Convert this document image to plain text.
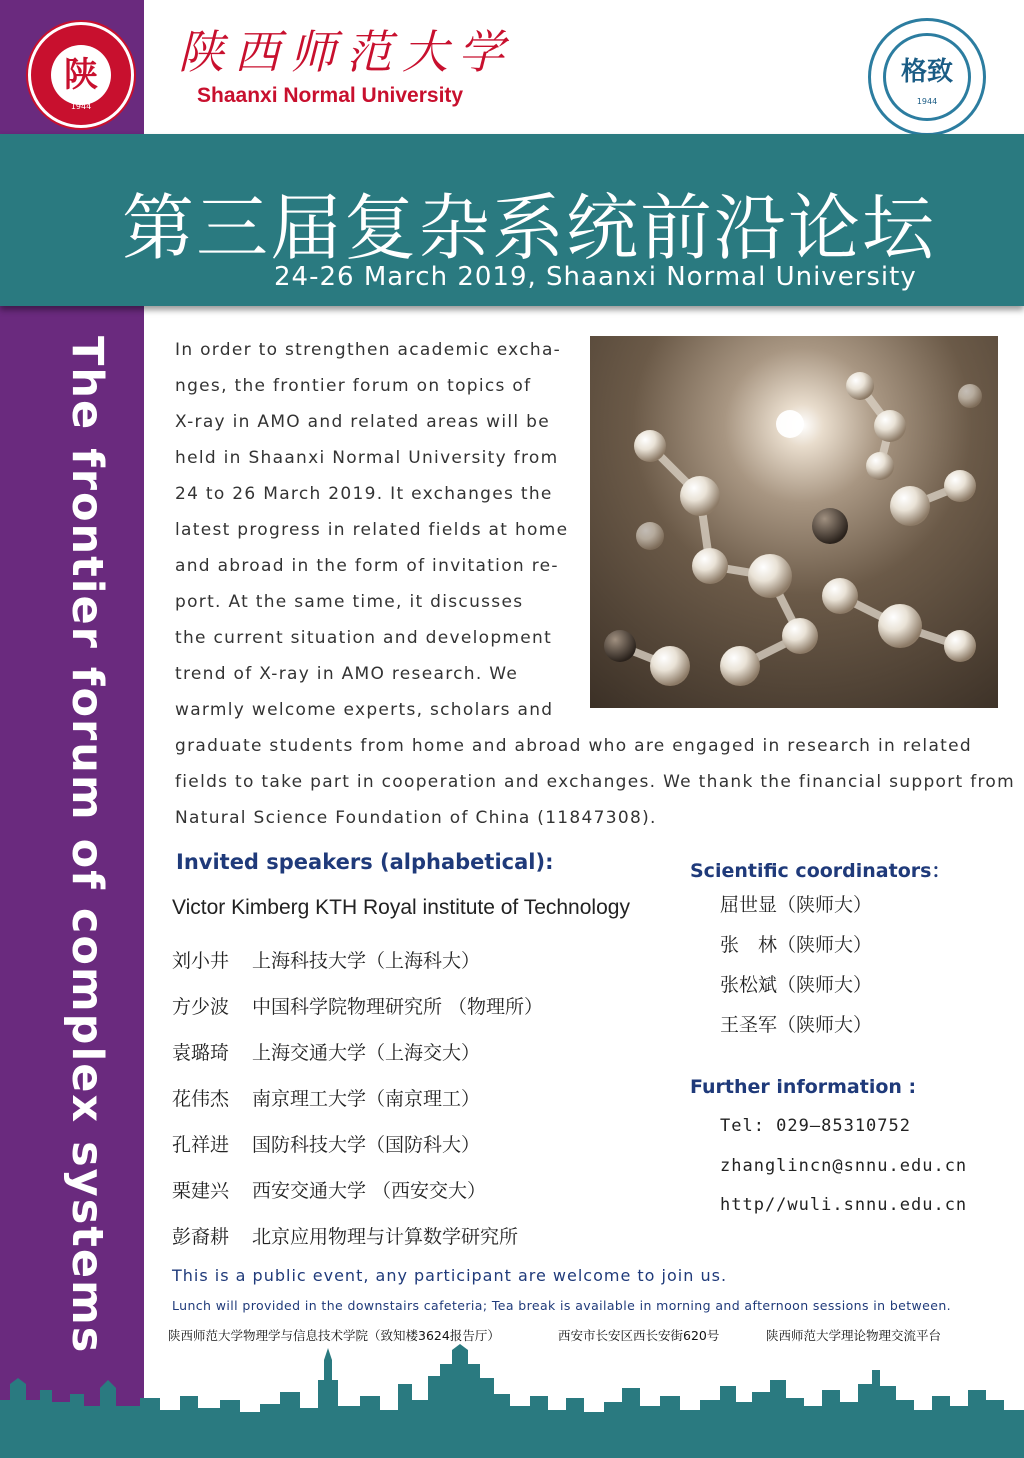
The frontier forum of complex systems
陕
1944
陕西师范大学
Shaanxi Normal University
格致
1944
第三届复杂系统前沿论坛
24-26 March 2019, Shaanxi Normal University
In order to strengthen academic excha-
nges, the frontier forum on topics of
X-ray in AMO and related areas will be
held in Shaanxi Normal University from
24 to 26 March 2019. It exchanges the
latest progress in related fields at home
and abroad in the form of invitation re-
port. At the same time, it discusses
the current situation and development
trend of X-ray in AMO research. We
warmly welcome experts, scholars and
graduate students from home and abroad who are engaged in research in related
fields to take part in cooperation and exchanges. We thank the financial support from
Natural Science Foundation of China (11847308).
Invited speakers (alphabetical):
Victor Kimberg KTH Royal institute of Technology
刘小井 上海科技大学（上海科大）
方少波 中国科学院物理研究所 （物理所）
袁璐琦 上海交通大学（上海交大）
花伟杰 南京理工大学（南京理工）
孔祥进 国防科技大学（国防科大）
栗建兴 西安交通大学 （西安交大）
彭裔耕 北京应用物理与计算数学研究所
Scientific coordinators：
屈世显（陕师大）
张　林（陕师大）
张松斌（陕师大）
王圣军（陕师大）
Further information :
Tel: 029—85310752
zhanglincn@snnu.edu.cn
http//wuli.snnu.edu.cn
This is a public event, any participant are welcome to join us.
Lunch will provided in the downstairs cafeteria; Tea break is available in morning and afternoon sessions in between.
陕西师范大学物理学与信息技术学院（致知楼3624报告厅）	西安市长安区西长安街620号	陕西师范大学理论物理交流平台
